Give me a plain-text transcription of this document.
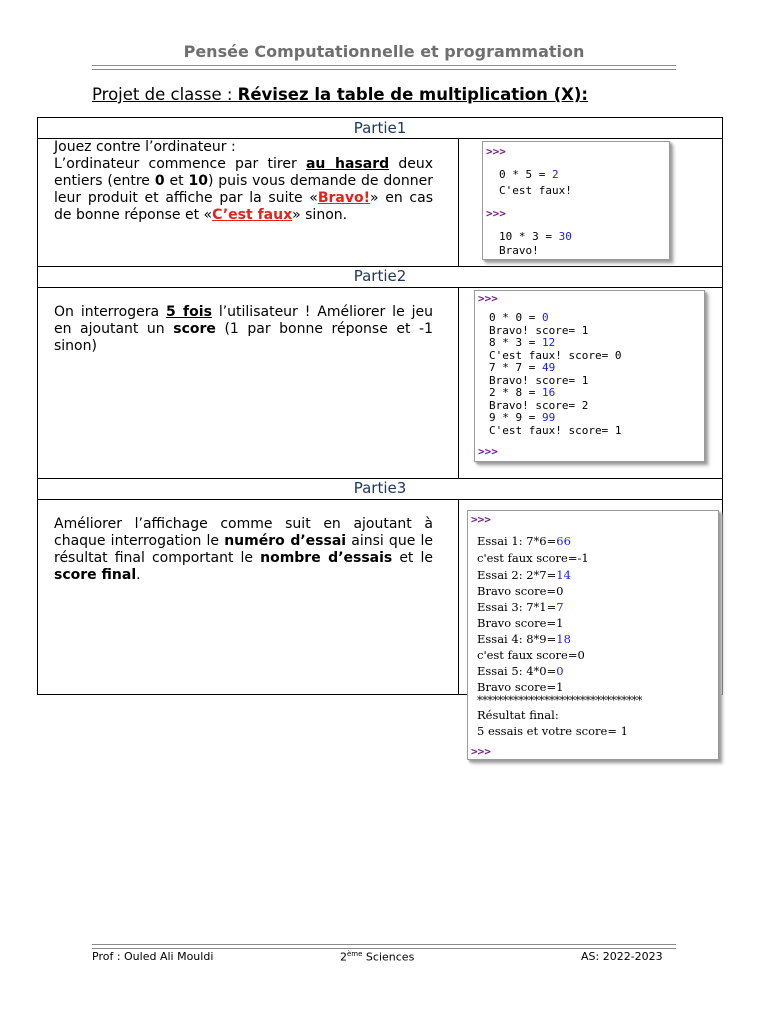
Pensée Computationnelle et programmation
Projet de classe : Révisez la table de multiplication (X):
Partie1
Jouez contre l’ordinateur :
L’ordinateur commence par tirer au hasard deux entiers (entre 0 et 10) puis vous demande de donner leur produit et affiche par la suite «Bravo!» en cas de bonne réponse et «C’est faux» sinon.
Partie2
On interrogera 5 fois l’utilisateur ! Améliorer le jeu en ajoutant un score (1 par bonne réponse et -1 sinon)
Partie3
Améliorer l’affichage comme suit en ajoutant à chaque interrogation le numéro d’essai ainsi que le résultat final comportant le nombre d’essais et le score final.
>>>
0 * 5 = 2
C'est faux!
>>>
10 * 3 = 30
Bravo!
>>>
0 * 0 = 0
Bravo! score= 1
8 * 3 = 12
C'est faux! score= 0
7 * 7 = 49
Bravo! score= 1
2 * 8 = 16
Bravo! score= 2
9 * 9 = 99
C'est faux! score= 1
>>>
>>>
Essai 1: 7*6=66
c'est faux score=-1
Essai 2: 2*7=14
Bravo score=0
Essai 3: 7*1=7
Bravo score=1
Essai 4: 8*9=18
c'est faux score=0
Essai 5: 4*0=0
Bravo score=1
********************************
Résultat final:
5 essais et votre score= 1
>>>
Prof : Ouled Ali Mouldi	2ème Sciences	AS: 2022-2023
